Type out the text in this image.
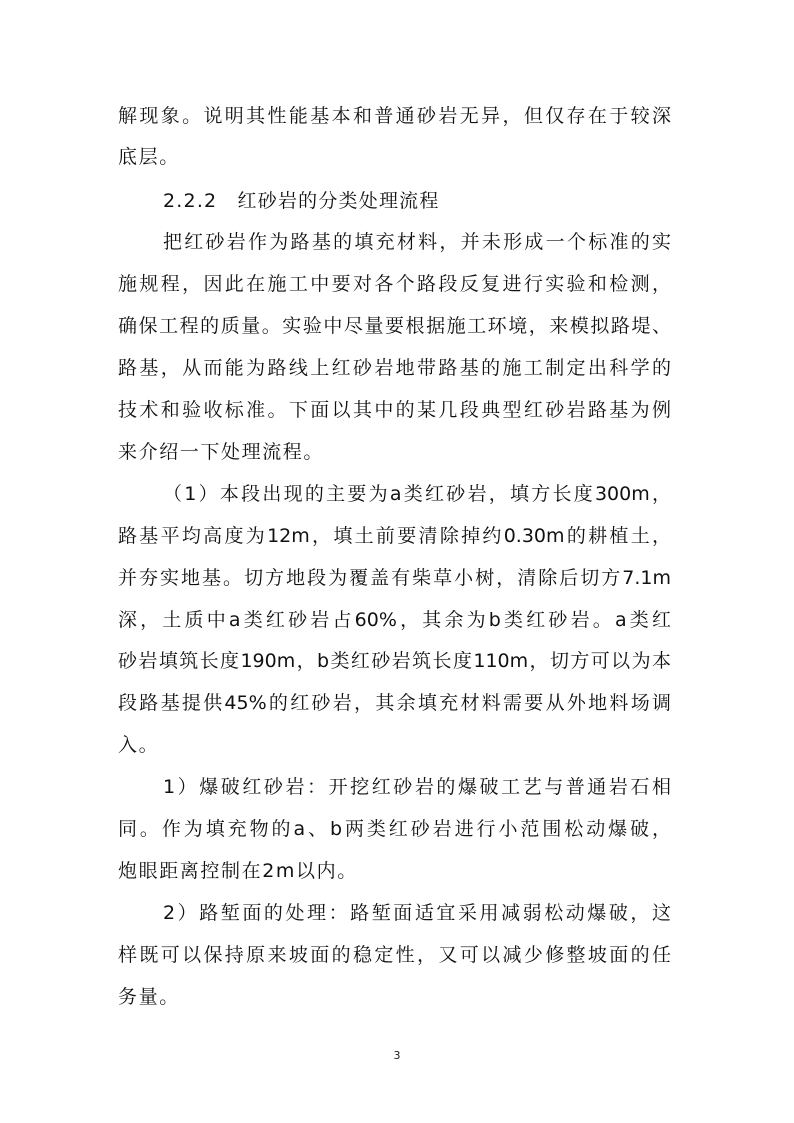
解现象。说明其性能基本和普通砂岩无异，但仅存在于较深
底层。
2.2.2　红砂岩的分类处理流程
把红砂岩作为路基的填充材料，并未形成一个标准的实
施规程，因此在施工中要对各个路段反复进行实验和检测，
确保工程的质量。实验中尽量要根据施工环境，来模拟路堤、
路基，从而能为路线上红砂岩地带路基的施工制定出科学的
技术和验收标准。下面以其中的某几段典型红砂岩路基为例
来介绍一下处理流程。
（1）本段出现的主要为a类红砂岩，填方长度300m，
路基平均高度为12m，填土前要清除掉约0.30m的耕植土，
并夯实地基。切方地段为覆盖有柴草小树，清除后切方7.1m
深，土质中a类红砂岩占60%，其余为b类红砂岩。a类红
砂岩填筑长度190m，b类红砂岩筑长度110m，切方可以为本
段路基提供45%的红砂岩，其余填充材料需要从外地料场调
入。
1）爆破红砂岩：开挖红砂岩的爆破工艺与普通岩石相
同。作为填充物的a、b两类红砂岩进行小范围松动爆破，
炮眼距离控制在2m以内。
2）路堑面的处理：路堑面适宜采用减弱松动爆破，这
样既可以保持原来坡面的稳定性，又可以减少修整坡面的任
务量。
3
